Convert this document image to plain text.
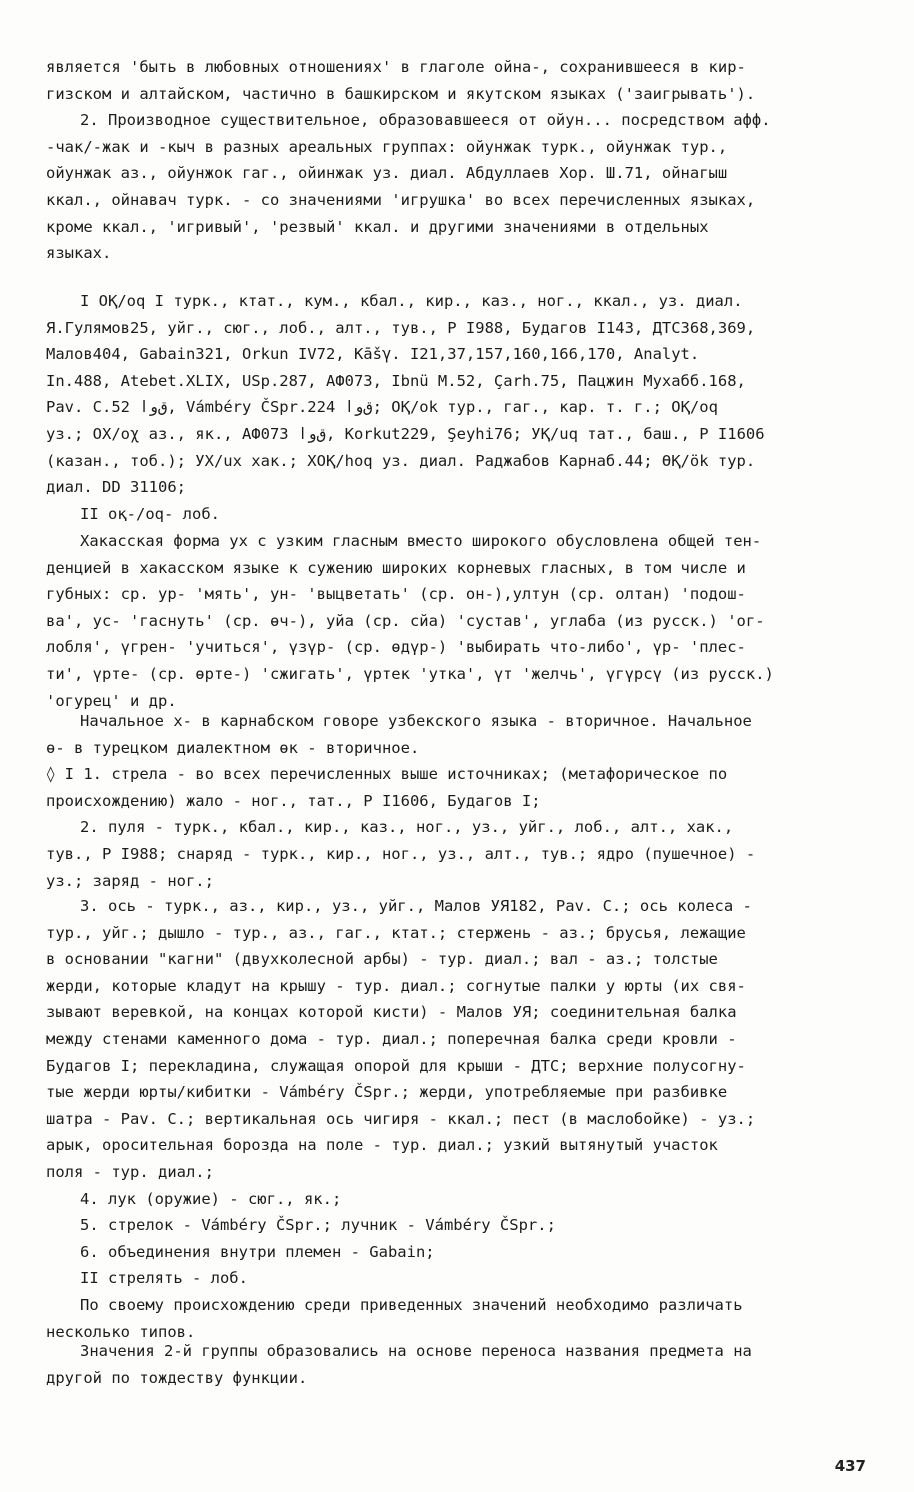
является 'быть в любовных отношениях' в глаголе ойна-, сохранившееся в кир-
гизском и алтайском, частично в башкирском и якутском языках ('заигрывать').
2. Производное существительное, образовавшееся от ойун... посредством афф.
-чак/-жак и -кыч в разных ареальных группах: ойунжак турк., ойунжак тур.,
ойунжак аз., ойунжок гаг., ойинжак уз. диал. Абдуллаев Хор. Ш.71, ойнагыш
ккал., ойнавач турк. - со значениями 'игрушка' во всех перечисленных языках,
кроме ккал., 'игривый', 'резвый' ккал. и другими значениями в отдельных
языках.
I ОҚ/oq I турк., ктат., кум., кбал., кир., каз., ног., ккал., уз. диал.
Я.Гулямов25, уйг., сюг., лоб., алт., тув., Р I988, Будагов I143, ДТС368,369,
Малов404, Gabain321, Orkun IV72, Kāšγ. I21,37,157,160,166,170, Analyt.
In.488, Atebet.XLIX, USp.287, АФ073, Ibnü M.52, Çarh.75, Пацжин Мухабб.168,
Pav. C.52 ﻕﻭﺍ, Vámbéry ČSpr.224 ﻕﻭﺍ; ОҚ/ok тур., гаг., кар. т. г.; ОҚ/oq
уз.; ОХ/oχ аз., як., АФ073 ﻕﻭﺍ, Korkut229, Şeyhi76; УҚ/uq тат., баш., Р I1606
(казан., тоб.); УХ/uх хак.; ХОҚ/hoq уз. диал. Раджабов Карнаб.44; ӨҚ/ök тур.
диал. DD 31106;
II оқ-/oq- лоб.
Хакасская форма ух с узким гласным вместо широкого обусловлена общей тен-
денцией в хакасском языке к сужению широких корневых гласных, в том числе и
губных: ср. ур- 'мять', ун- 'выцветать' (ср. он-),ултун (ср. олтан) 'подош-
ва', ус- 'гаснуть' (ср. өч-), уйа (ср. сйа) 'сустав', углаба (из русск.) 'ог-
лобля', үгрен- 'учиться', үзүр- (ср. өдүр-) 'выбирать что-либо', үр- 'плес-
ти', үрте- (ср. өрте-) 'сжигать', үртек 'утка', үт 'желчь', үгүрсү (из русск.)
'огурец' и др.
Начальное х- в карнабском говоре узбекского языка - вторичное. Начальное
ө- в турецком диалектном өк - вторичное.
◊ I 1. стрела - во всех перечисленных выше источниках; (метафорическое по
происхождению) жало - ног., тат., Р I1606, Будагов I;
2. пуля - турк., кбал., кир., каз., ног., уз., уйг., лоб., алт., хак.,
тув., Р I988; снаряд - турк., кир., ног., уз., алт., тув.; ядро (пушечное) -
уз.; заряд - ног.;
3. ось - турк., аз., кир., уз., уйг., Малов УЯ182, Pav. C.; ось колеса -
тур., уйг.; дышло - тур., аз., гаг., ктат.; стержень - аз.; брусья, лежащие
в основании "кагни" (двухколесной арбы) - тур. диал.; вал - аз.; толстые
жерди, которые кладут на крышу - тур. диал.; согнутые палки у юрты (их свя-
зывают веревкой, на концах которой кисти) - Малов УЯ; соединительная балка
между стенами каменного дома - тур. диал.; поперечная балка среди кровли -
Будагов I; перекладина, служащая опорой для крыши - ДТС; верхние полусогну-
тые жерди юрты/кибитки - Vámbéry ČSpr.; жерди, употребляемые при разбивке
шатра - Pav. C.; вертикальная ось чигиря - ккал.; пест (в маслобойке) - уз.;
арык, оросительная борозда на поле - тур. диал.; узкий вытянутый участок
поля - тур. диал.;
4. лук (оружие) - сюг., як.;
5. стрелок - Vámbéry ČSpr.; лучник - Vámbéry ČSpr.;
6. объединения внутри племен - Gabain;
II стрелять - лоб.
По своему происхождению среди приведенных значений необходимо различать
несколько типов.
Значения 2-й группы образовались на основе переноса названия предмета на
другой по тождеству функции.
437
